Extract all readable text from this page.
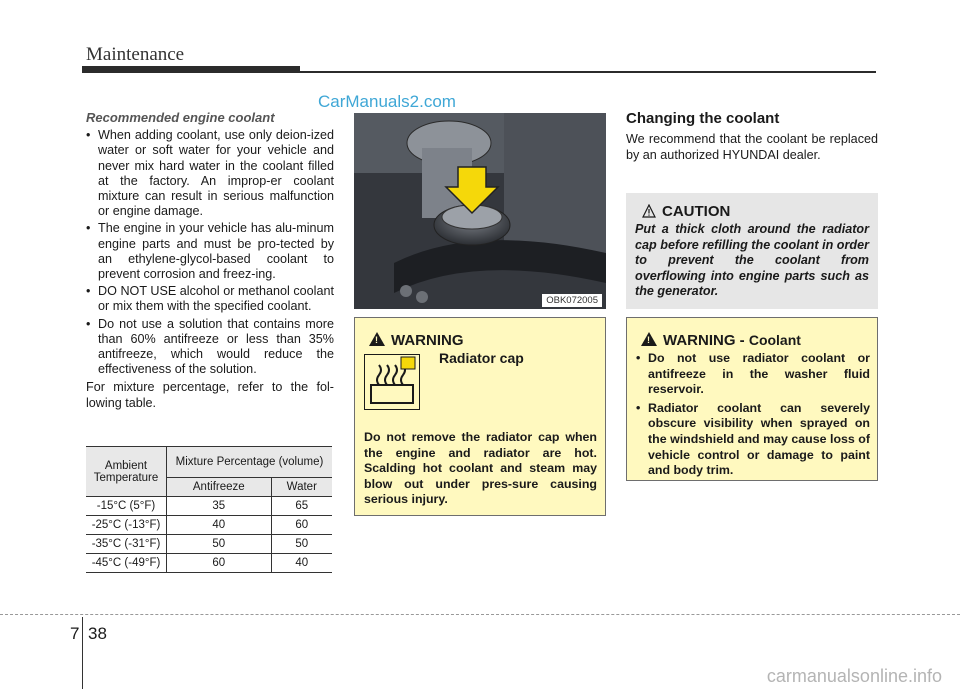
Maintenance
CarManuals2.com
Recommended engine coolant
• When adding coolant, use only deion-ized water or soft water for your vehicle and never mix hard water in the coolant filled at the factory. An improp-er coolant mixture can result in serious malfunction or engine damage.
• The engine in your vehicle has alu-minum engine parts and must be pro-tected by an ethylene-glycol-based coolant to prevent corrosion and freez-ing.
• DO NOT USE alcohol or methanol coolant or mix them with the specified coolant.
• Do not use a solution that contains more than 60% antifreeze or less than 35% antifreeze, which would reduce the effectiveness of the solution.
For mixture percentage, refer to the fol-lowing table.
Ambient Temperature	Mixture Percentage (volume)	
	Antifreeze	Water
-15°C (5°F)	35	65
-25°C (-13°F)	40	60
-35°C (-31°F)	50	50
-45°C (-49°F)	60	40
OBK072005
!WARNING
Radiator cap
Do not remove the radiator cap when the engine and radiator are hot. Scalding hot coolant and steam may blow out under pres-sure causing serious injury.
Changing the coolant
We recommend that the coolant be replaced by an authorized HYUNDAI dealer.
CAUTION
Put a thick cloth around the radiator cap before refilling the coolant in order to prevent the coolant from overflowing into engine parts such as the generator.
!WARNING - Coolant
• Do not use radiator coolant or antifreeze in the washer fluid reservoir.
• Radiator coolant can severely obscure visibility when sprayed on the windshield and may cause loss of vehicle control or damage to paint and body trim.
7 38
carmanualsonline.info
